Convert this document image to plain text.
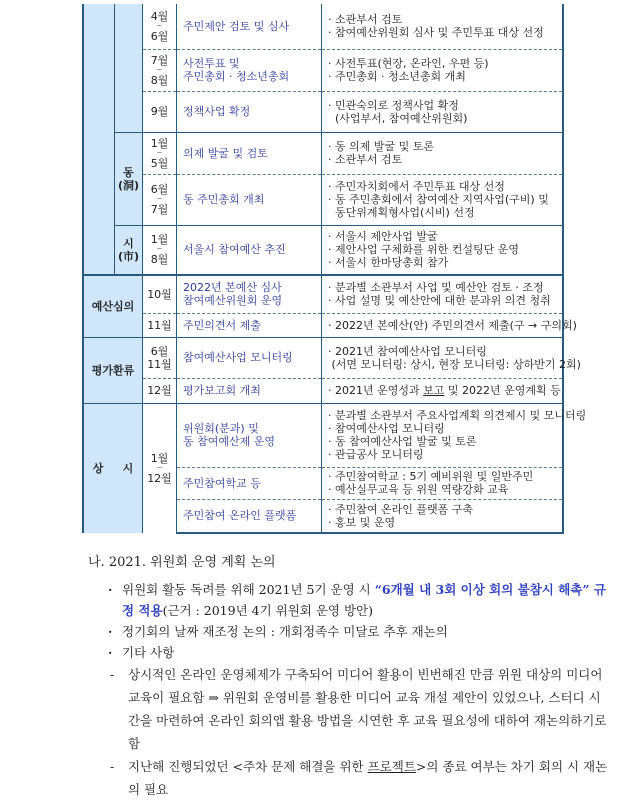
		4월
~
6월	주민제안 검토 및 심사	· 소관부서 검토
· 참여예산위원회 심사 및 주민투표 대상 선정

		7월
~
8월	사전투표 및
주민총회 · 청소년총회	· 사전투표(현장, 온라인, 우편 등)
· 주민총회 · 청소년총회 개최

		9월	정책사업 확정	· 민관숙의로 정책사업 확정
(사업부서, 참여예산위원회)

	동
(洞)	1월
~
5월	의제 발굴 및 검토	· 동 의제 발굴 및 토론
· 소관부서 검토

		6월
~
7월	동 주민총회 개최	· 주민자치회에서 주민투표 대상 선정
· 동 주민총회에서 참여예산 지역사업(구비) 및
동단위계획형사업(시비) 선정

	시
(市)	1월
~
8월	서울시 참여예산 추진	· 서울시 제안사업 발굴
· 제안사업 구체화를 위한 컨설팅단 운영
· 서울시 한마당총회 참가

예산심의		10월	2022년 본예산 심사
참여예산위원회 운영	· 분과별 소관부서 사업 및 예산안 검토 · 조정
· 사업 설명 및 예산안에 대한 분과위 의견 청취

		11월	주민의견서 제출	· 2022년 본예산(안) 주민의견서 제출(구 → 구의회)

평가환류		6월
11월	참여예산사업 모니터링	· 2021년 참여예산사업 모니터링
(서면 모니터링: 상시, 현장 모니터링: 상하반기 2회)

		12월	평가보고회 개최	· 2021년 운영성과 보고 및 2022년 운영계획 등
상     시		1월
~
12월	위원회(분과) 및
동 참여예산제 운영	· 분과별 소관부서 주요사업계획 의견제시 및 모니터링
· 참여예산사업 모니터링
· 동 참여예산사업 발굴 및 토론
· 관급공사 모니터링

			주민참여학교 등	· 주민참여학교 : 5기 예비위원 및 일반주민
· 예산실무교육 등 위원 역량강화 교육

			주민참여 온라인 플랫폼	· 주민참여 온라인 플랫폼 구축
· 홍보 및 운영
나. 2021. 위원회 운영 계획 논의
· 위원회 활동 독려를 위해 2021년 5기 운영 시 “6개월 내 3회 이상 회의 불참시 해촉” 규정 적용(근거 : 2019년 4기 위원회 운영 방안)
· 정기회의 날짜 재조정 논의 : 개회정족수 미달로 추후 재논의
· 기타 사항
- 상시적인 온라인 운영체제가 구축되어 미디어 활용이 빈번해진 만큼 위원 대상의 미디어 교육이 필요함 ⇒ 위원회 운영비를 활용한 미디어 교육 개설 제안이 있었으나, 스터디 시간을 마련하여 온라인 회의앱 활용 방법을 시연한 후 교육 필요성에 대하여 재논의하기로 함
- 지난해 진행되었던 <주차 문제 해결을 위한 프로젝트>의 종료 여부는 차기 회의 시 재논의 필요
